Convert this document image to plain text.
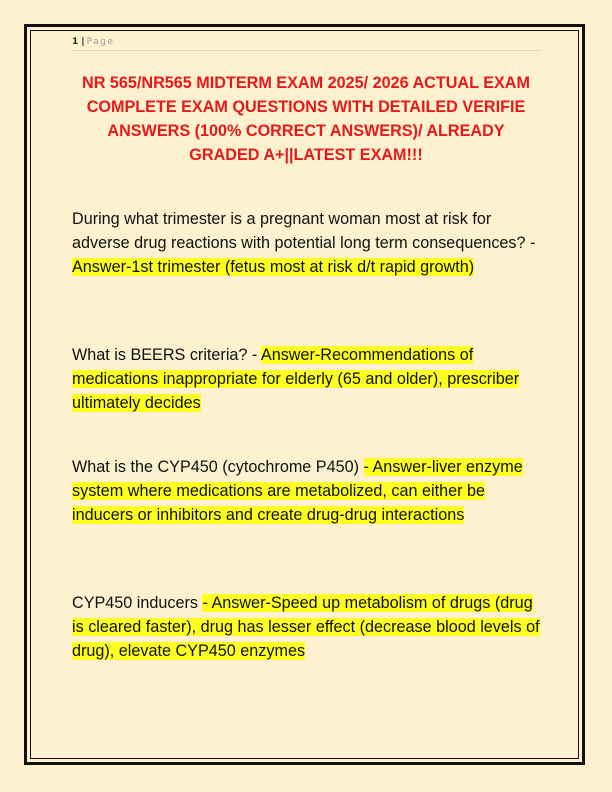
1 | Page
NR 565/NR565 MIDTERM EXAM 2025/ 2026 ACTUAL EXAM COMPLETE EXAM QUESTIONS WITH DETAILED VERIFIE ANSWERS (100% CORRECT ANSWERS)/ ALREADY GRADED A+||LATEST EXAM!!!
During what trimester is a pregnant woman most at risk for adverse drug reactions with potential long term consequences? - Answer-1st trimester (fetus most at risk d/t rapid growth)
What is BEERS criteria? - Answer-Recommendations of medications inappropriate for elderly (65 and older), prescriber ultimately decides
What is the CYP450 (cytochrome P450) - Answer-liver enzyme system where medications are metabolized, can either be inducers or inhibitors and create drug-drug interactions
CYP450 inducers - Answer-Speed up metabolism of drugs (drug is cleared faster), drug has lesser effect (decrease blood levels of drug), elevate CYP450 enzymes
